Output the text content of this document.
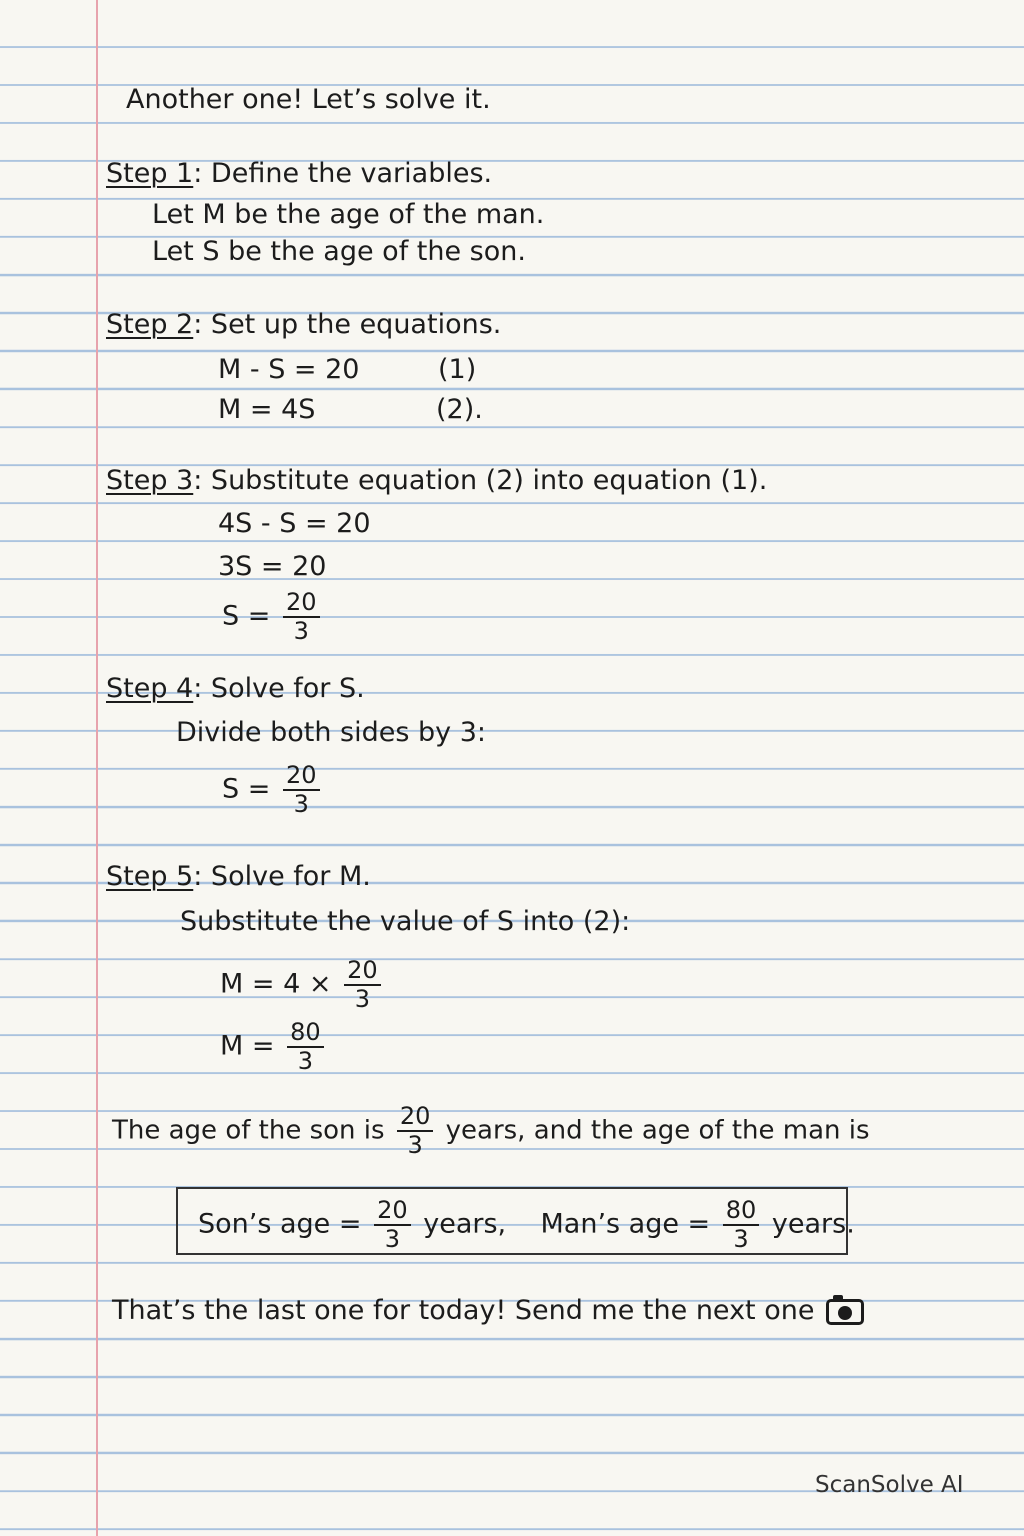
Another one! Let’s solve it.
Step 1: Define the variables.
Let M be the age of the man.
Let S be the age of the son.
Step 2: Set up the equations.
M - S = 20	(1)
M = 4S	(2).
Step 3: Substitute equation (2) into equation (1).
4S - S = 20
3S = 20
$S = \frac{20}{3}$
Step 4: Solve for S.
Divide both sides by 3:
$S = \frac{20}{3}$
Step 5: Solve for M.
Substitute the value of S into (2):
$M = 4 \times \frac{20}{3}$
$M = \frac{80}{3}$
The age of the son is $\frac{20}{3}$ years, and the age of the man is
Son’s age = $\frac{20}{3}$ years, Man’s age = $\frac{80}{3}$ years.
That’s the last one for today! Send me the next one
ScanSolve AI
